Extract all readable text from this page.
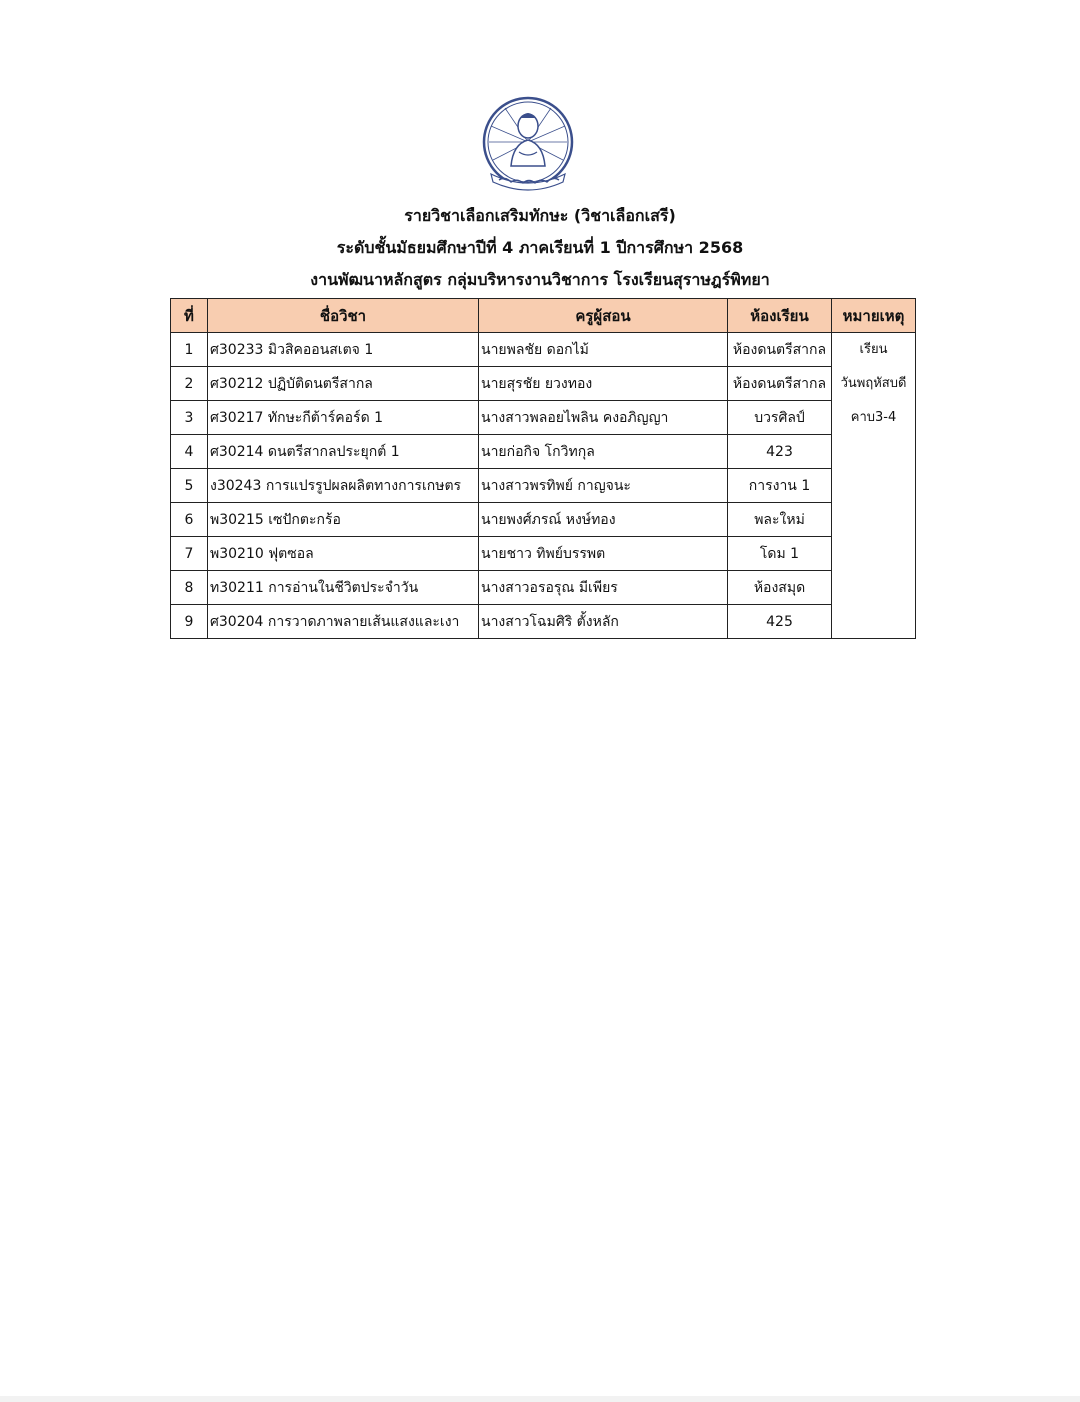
รายวิชาเลือกเสริมทักษะ (วิชาเลือกเสรี)
ระดับชั้นมัธยมศึกษาปีที่ 4 ภาคเรียนที่ 1 ปีการศึกษา 2568
งานพัฒนาหลักสูตร กลุ่มบริหารงานวิชาการ โรงเรียนสุราษฎร์พิทยา
ที่	ชื่อวิชา	ครูผู้สอน	ห้องเรียน	หมายเหตุ
1	ศ30233 มิวสิคออนสเตจ 1	นายพลชัย ดอกไม้	ห้องดนตรีสากล	เรียน
วันพฤหัสบดี
คาบ3-4

2	ศ30212 ปฏิบัติดนตรีสากล	นายสุรชัย ยวงทอง	ห้องดนตรีสากล	
3	ศ30217 ทักษะกีต้าร์คอร์ด 1	นางสาวพลอยไพลิน คงอภิญญา	บวรศิลป์	
4	ศ30214 ดนตรีสากลประยุกต์ 1	นายก่อกิจ โกวิทกุล	423	
5	ง30243 การแปรรูปผลผลิตทางการเกษตร	นางสาวพรทิพย์ กาญจนะ	การงาน 1	
6	พ30215 เซปักตะกร้อ	นายพงศ์ภรณ์ หงษ์ทอง	พละใหม่	
7	พ30210 ฟุตซอล	นายชาว ทิพย์บรรพต	โดม 1	
8	ท30211 การอ่านในชีวิตประจำวัน	นางสาวอรอรุณ มีเพียร	ห้องสมุด	
9	ศ30204 การวาดภาพลายเส้นแสงและเงา	นางสาวโฉมศิริ ตั้งหลัก	425	
